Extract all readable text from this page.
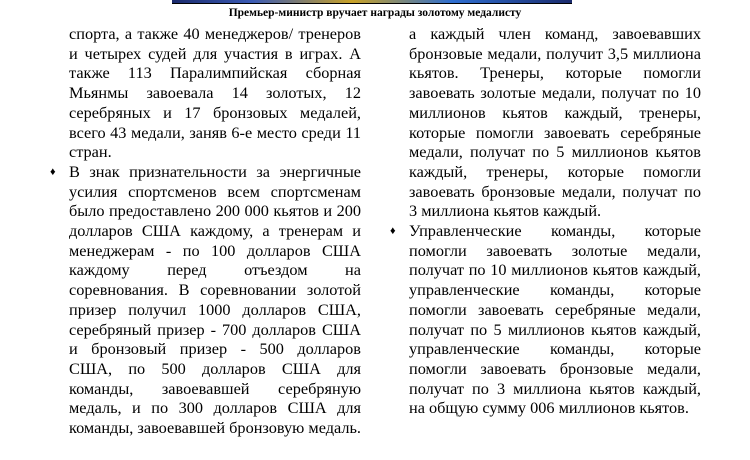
Премьер-министр вручает награды золотому медалисту

спорта, а также 40 менеджеров/ тренеров и четырех судей для участия в играх. А также 113 Паралимпийская сборная Мьянмы завоевала 14 золотых, 12 серебряных и 17 бронзовых медалей, всего 43 медали, заняв 6-е место среди 11 стран.

♦ В знак признательности за энергичные усилия спортсменов всем спортсменам было предоставлено 200 000 кьятов и 200 долларов США каждому, а тренерам и менеджерам - по 100 долларов США каждому перед отъездом на соревнования. В соревновании золотой призер получил 1000 долларов США, серебряный призер - 700 долларов США и бронзовый призер - 500 долларов США, по 500 долларов США для команды, завоевавшей серебряную медаль, и по 300 долларов США для команды, завоевавшей бронзовую медаль.

а каждый член команд, завоевавших бронзовые медали, получит 3,5 миллиона кьятов. Тренеры, которые помогли завоевать золотые медали, получат по 10 миллионов кьятов каждый, тренеры, которые помогли завоевать серебряные медали, получат по 5 миллионов кьятов каждый, тренеры, которые помогли завоевать бронзовые медали, получат по 3 миллиона кьятов каждый.

♦ Управленческие команды, которые помогли завоевать золотые медали, получат по 10 миллионов кьятов каждый, управленческие команды, которые помогли завоевать серебряные медали, получат по 5 миллионов кьятов каждый, управленческие команды, которые помогли завоевать бронзовые медали, получат по 3 миллиона кьятов каждый, на общую сумму 006 миллионов кьятов.
